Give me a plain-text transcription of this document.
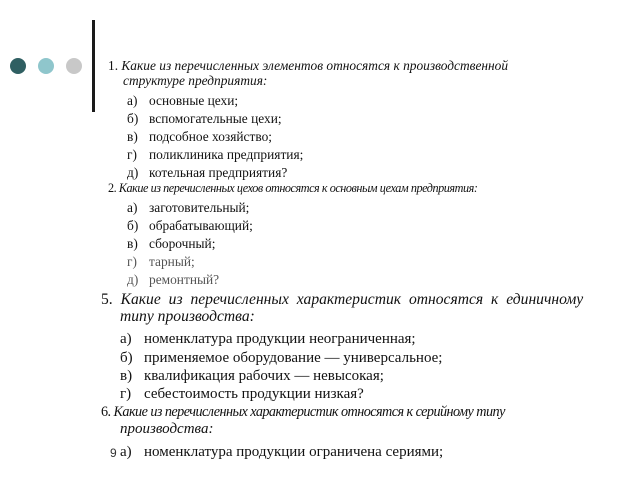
1. Какие из перечисленных элементов относятся к производственной
структуре предприятия:
а) основные цехи;
б) вспомогательные цехи;
в) подсобное хозяйство;
г) поликлиника предприятия;
д) котельная предприятия?
2. Какие из перечисленных цехов относятся к основным цехам предприятия:
а) заготовительный;
б) обрабатывающий;
в) сборочный;
г) тарный;
д) ремонтный?
5. Какие из перечисленных характеристик относятся к единичному
типу производства:
а) номенклатура продукции неограниченная;
б) применяемое оборудование — универсальное;
в) квалификация рабочих — невысокая;
г) себестоимость продукции низкая?
6. Какие из перечисленных характеристик относятся к серийному типу
производства:
а) номенклатура продукции ограничена сериями;
9
